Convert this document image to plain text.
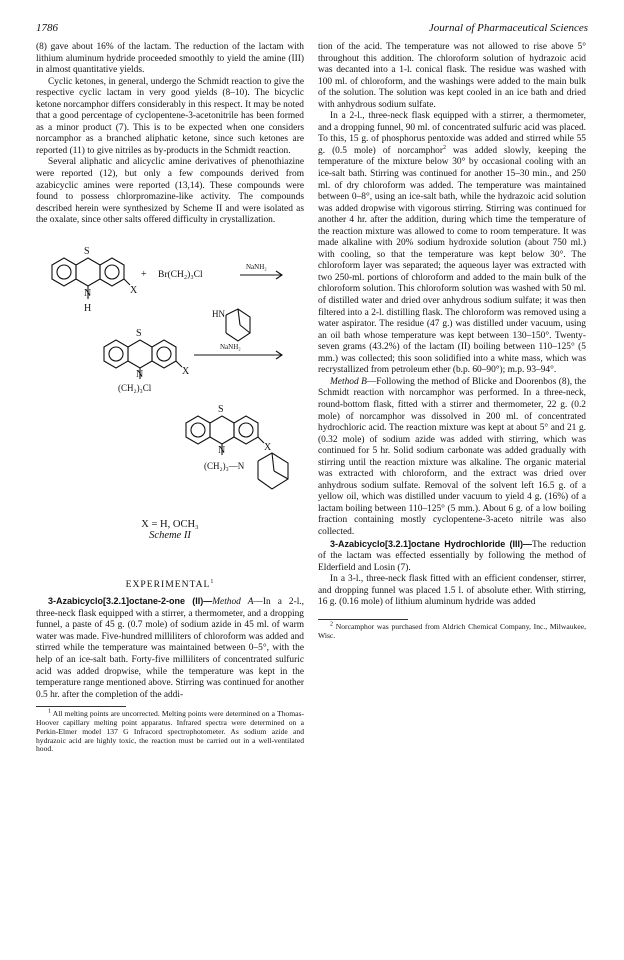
1786	Journal of Pharmaceutical Sciences

(8) gave about 16% of the lactam. The reduction of the lactam with lithium aluminum hydride proceeded smoothly to yield the amine (III) in almost quantitative yields.

Cyclic ketones, in general, undergo the Schmidt reaction to give the respective cyclic lactam in very good yields (8–10). The bicyclic ketone norcamphor differs considerably in this respect. It may be noted that a good percentage of cyclopentene-3-acetonitrile has been formed as a minor product (7). This is to be expected when one considers norcamphor as a branched aliphatic ketone, since such ketones are reported (11) to give nitriles as by-products in the Schmidt reaction.

Several aliphatic and alicyclic amine derivatives of phenothiazine were reported (12), but only a few compounds derived from azabicyclic amines were reported (13,14). These compounds were found to possess chlorpromazine-like activity. The compounds described herein were synthesized by Scheme II and were isolated as the oxalate, since other salts offered difficulty in crystallization.

S
N
H
X
+ Br(CH₂)₃Cl
NaNH₂
HN
NaNH₂
S
N	X
(CH₂)₃Cl
S
N	X
(CH₂)₃—N
X = H, OCH₃
Scheme II
EXPERIMENTAL$^1$

3-Azabicyclo[3.2.1]octane-2-one (II)—Method A—In a 2-l., three-neck flask equipped with a stirrer, a thermometer, and a dropping funnel, a paste of 45 g. (0.7 mole) of sodium azide in 45 ml. of warm water was made. Five-hundred milliliters of chloroform was added and stirred while the temperature was maintained between 0–5°, with the help of an ice-salt bath. Forty-five milliliters of concentrated sulfuric acid was added dropwise, while the temperature was kept in the temperature range mentioned above. Stirring was continued for another 0.5 hr. after the completion of the addi-

$^1$ All melting points are uncorrected. Melting points were determined on a Thomas-Hoover capillary melting point apparatus. Infrared spectra were determined on a Perkin-Elmer model 137 G Infracord spectrophotometer. As sodium azide and hydrazoic acid are highly toxic, the reaction must be carried out in a well-ventilated hood.

tion of the acid. The temperature was not allowed to rise above 5° throughout this addition. The chloroform solution of hydrazoic acid was decanted into a 1-l. conical flask. The residue was washed with 100 ml. of chloroform, and the washings were added to the main bulk of the solution. The solution was kept cooled in an ice bath and dried with anhydrous sodium sulfate.

In a 2-l., three-neck flask equipped with a stirrer, a thermometer, and a dropping funnel, 90 ml. of concentrated sulfuric acid was placed. To this, 15 g. of phosphorus pentoxide was added and stirred while 55 g. (0.5 mole) of norcamphor$^2$ was added slowly, keeping the temperature of the mixture below 30° by occasional cooling with an ice-salt bath. Stirring was continued for another 15–30 min., and 250 ml. of dry chloroform was added. The temperature was maintained between 0–8°, using an ice-salt bath, while the hydrazoic acid solution was added dropwise with vigorous stirring. Stirring was continued for another 4 hr. after the addition, during which time the temperature of the reaction mixture was allowed to come to room temperature. It was made alkaline with 20% sodium hydroxide solution (about 750 ml.) with cooling, so that the temperature was kept below 30°. The chloroform layer was separated; the aqueous layer was extracted with two 250-ml. portions of chloroform and added to the main bulk of the chloroform solution. This chloroform solution was washed with 50 ml. of distilled water and dried over anhydrous sodium sulfate; it was then filtered into a 2-l. distilling flask. The chloroform was removed using a water aspirator. The residue (47 g.) was distilled under vacuum, using an oil bath whose temperature was kept between 130–150°. Twenty-seven grams (43.2%) of the lactam (II) boiling between 110–125° (5 mm.) was collected; this soon solidified into a white mass, which was recrystallized from petroleum ether (b.p. 60–90°); m.p. 93–94°.

Method B—Following the method of Blicke and Doorenbos (8), the Schmidt reaction with norcamphor was performed. In a three-neck, round-bottom flask, fitted with a stirrer and thermometer, 22 g. (0.2 mole) of norcamphor was dissolved in 200 ml. of concentrated hydrochloric acid. The reaction mixture was kept at about 5° and 21 g. (0.32 mole) of sodium azide was added with stirring, which was continued for 5 hr. Solid sodium carbonate was added gradually with stirring until the reaction mixture was alkaline. The organic material was extracted with chloroform, and the extract was dried over anhydrous sodium sulfate. Removal of the solvent left 16.5 g. of a yellow oil, which was distilled under vacuum to yield 4 g. (16%) of a lactam boiling between 110–125° (5 mm.). About 6 g. of a low boiling fraction containing mostly cyclopentene-3-aceto nitrile was also collected.

3-Azabicyclo[3.2.1]octane Hydrochloride (III)—The reduction of the lactam was effected essentially by following the method of Elderfield and Losin (7).

In a 3-l., three-neck flask fitted with an efficient condenser, stirrer, and dropping funnel was placed 1.5 l. of absolute ether. With stirring, 16 g. (0.16 mole) of lithium aluminum hydride was added

$^2$ Norcamphor was purchased from Aldrich Chemical Company, Inc., Milwaukee, Wisc.
